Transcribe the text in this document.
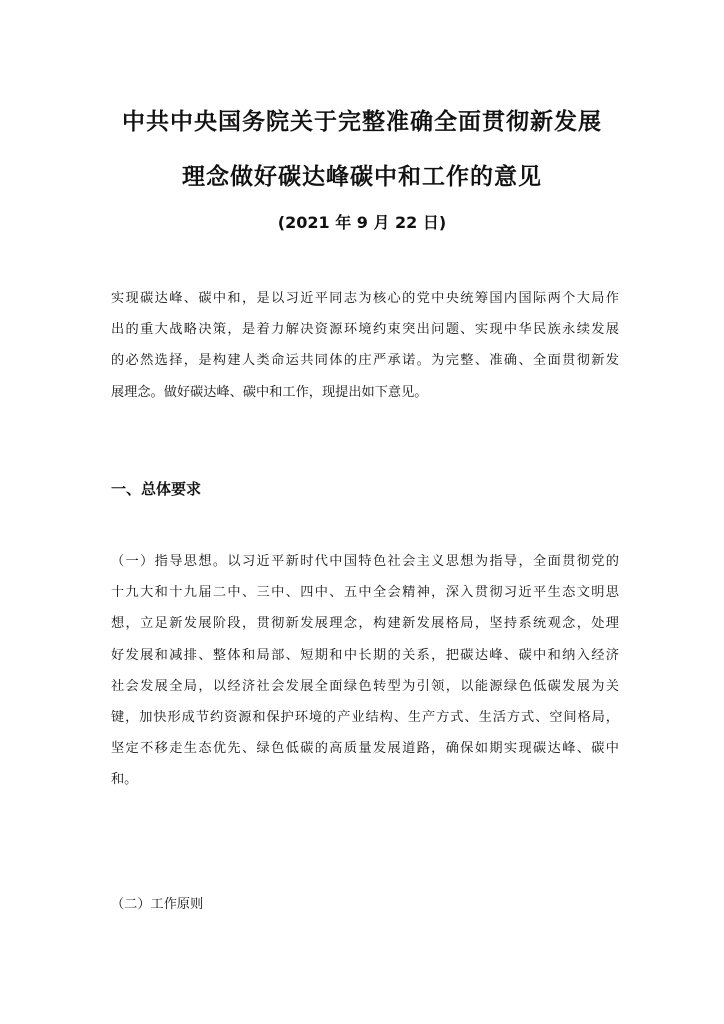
中共中央国务院关于完整准确全面贯彻新发展
理念做好碳达峰碳中和工作的意见
(2021 年 9 月 22 日)
实现碳达峰、碳中和，是以习近平同志为核心的党中央统筹国内国际两个大局作
出的重大战略决策，是着力解决资源环境约束突出问题、实现中华民族永续发展
的必然选择，是构建人类命运共同体的庄严承诺。为完整、准确、全面贯彻新发
展理念。做好碳达峰、碳中和工作，现提出如下意见。
一、总体要求
（一）指导思想。以习近平新时代中国特色社会主义思想为指导，全面贯彻党的
十九大和十九届二中、三中、四中、五中全会精神，深入贯彻习近平生态文明思
想，立足新发展阶段，贯彻新发展理念，构建新发展格局，坚持系统观念，处理
好发展和减排、整体和局部、短期和中长期的关系，把碳达峰、碳中和纳入经济
社会发展全局，以经济社会发展全面绿色转型为引领，以能源绿色低碳发展为关
键，加快形成节约资源和保护环境的产业结构、生产方式、生活方式、空间格局，
坚定不移走生态优先、绿色低碳的高质量发展道路，确保如期实现碳达峰、碳中
和。
（二）工作原则
